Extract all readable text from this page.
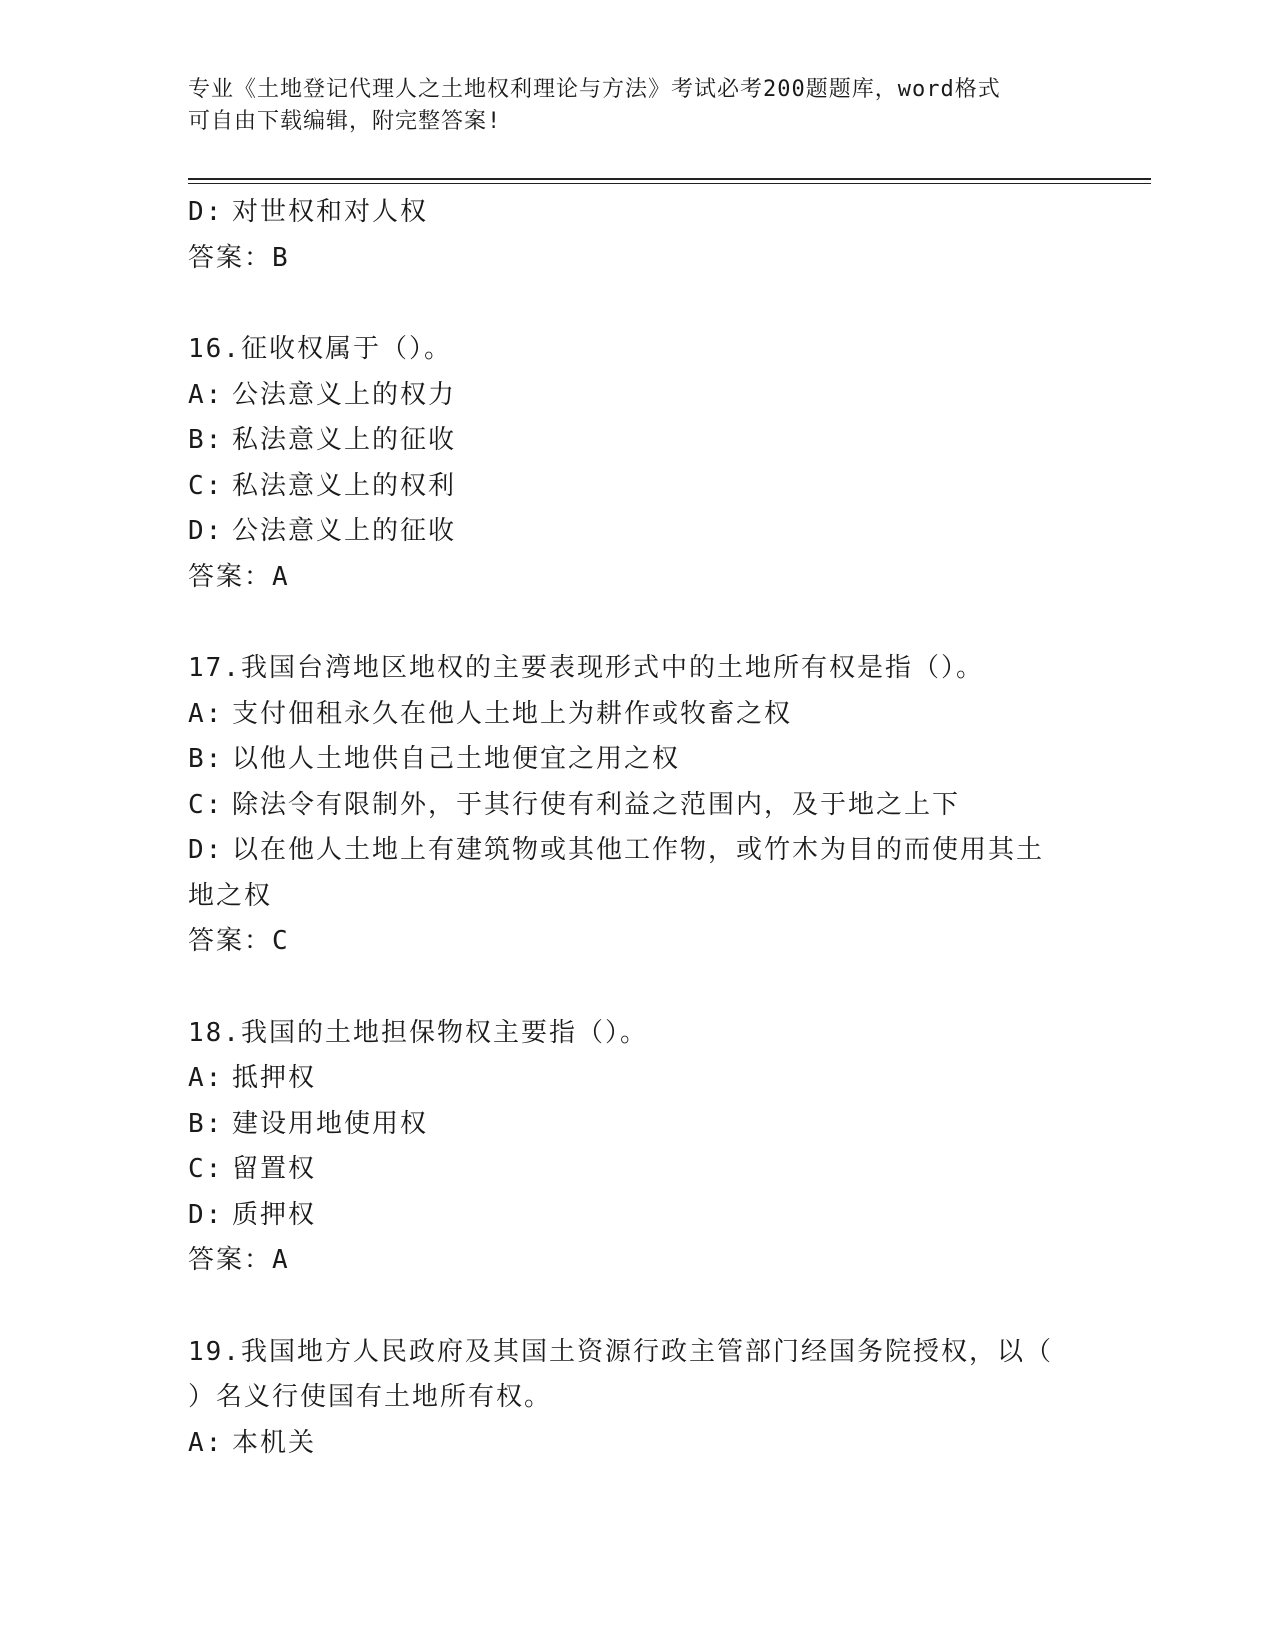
专业《土地登记代理人之土地权利理论与方法》考试必考200题题库，word格式
可自由下载编辑，附完整答案!
D: 对世权和对人权
答案：B
16.征收权属于（）。
A: 公法意义上的权力
B: 私法意义上的征收
C: 私法意义上的权利
D: 公法意义上的征收
答案：A
17.我国台湾地区地权的主要表现形式中的土地所有权是指（）。
A: 支付佃租永久在他人土地上为耕作或牧畜之权
B: 以他人土地供自己土地便宜之用之权
C: 除法令有限制外，于其行使有利益之范围内，及于地之上下
D: 以在他人土地上有建筑物或其他工作物，或竹木为目的而使用其土
地之权
答案：C
18.我国的土地担保物权主要指（）。
A: 抵押权
B: 建设用地使用权
C: 留置权
D: 质押权
答案：A
19.我国地方人民政府及其国土资源行政主管部门经国务院授权，以（
）名义行使国有土地所有权。
A: 本机关
